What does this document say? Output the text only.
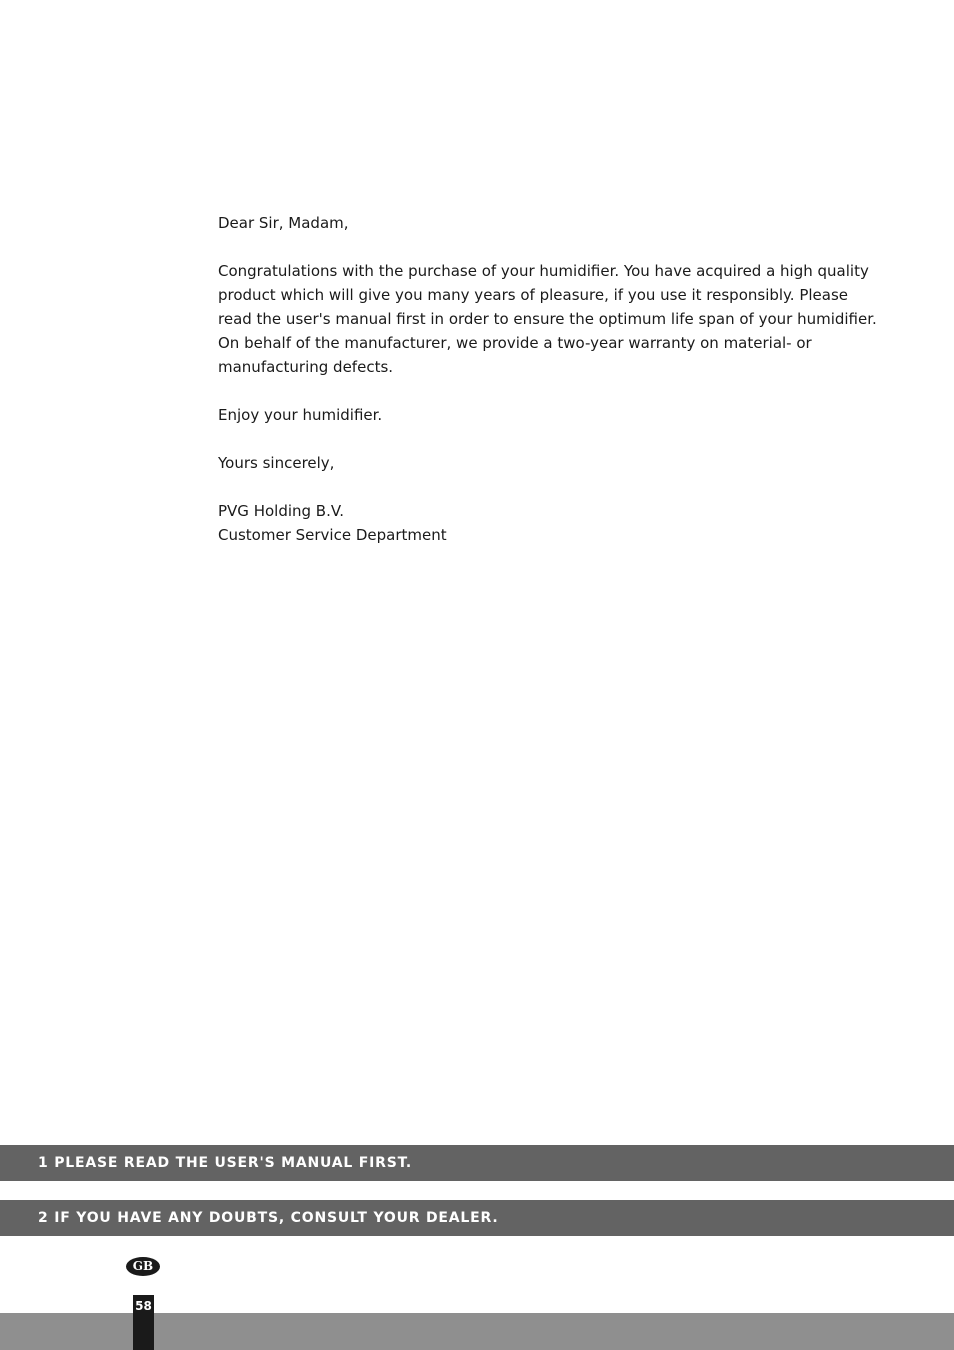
Dear Sir, Madam,

Congratulations with the purchase of your humidifier. You have acquired a high quality product which will give you many years of pleasure, if you use it responsibly. Please read the user's manual first in order to ensure the optimum life span of your humidifier. On behalf of the manufacturer, we provide a two-year warranty on material- or manufacturing defects.

Enjoy your humidifier.

Yours sincerely,

PVG Holding B.V.

Customer Service Department

1 PLEASE READ THE USER'S MANUAL FIRST.
2 IF YOU HAVE ANY DOUBTS, CONSULT YOUR DEALER.
GB
58
